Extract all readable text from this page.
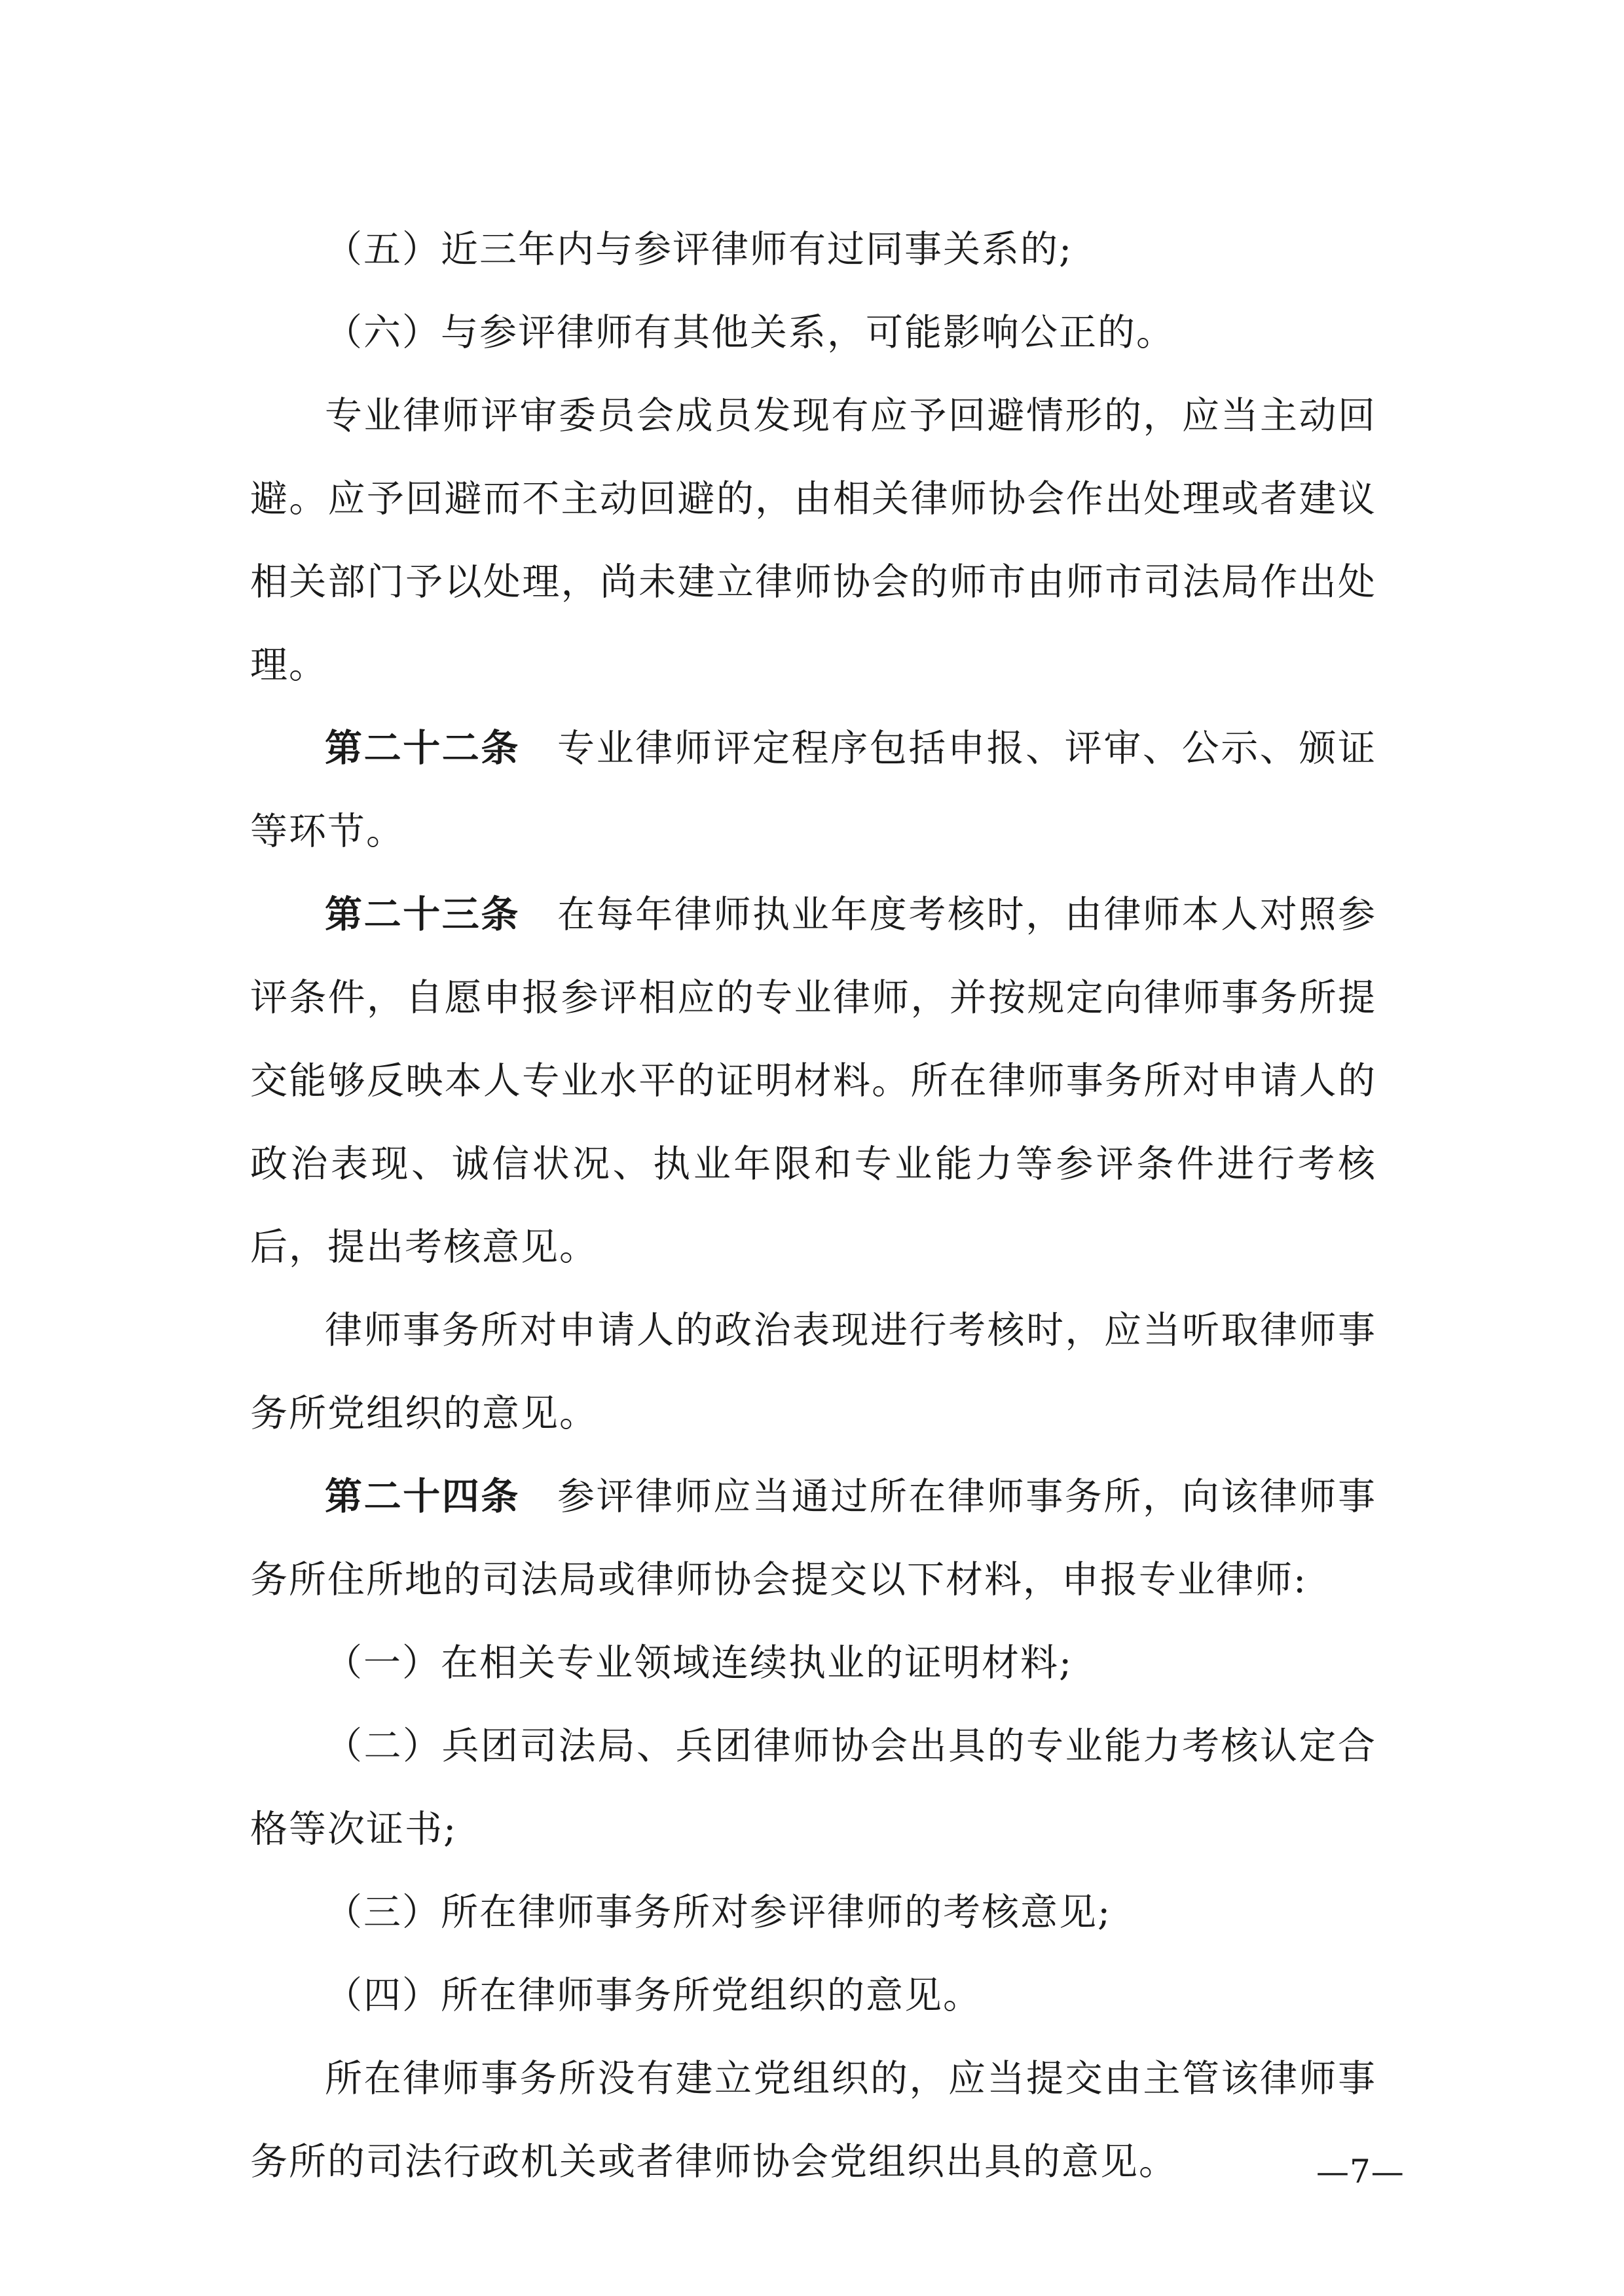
（五）近三年内与参评律师有过同事关系的;

（六）与参评律师有其他关系，可能影响公正的。

专业律师评审委员会成员发现有应予回避情形的，应当主动回避。应予回避而不主动回避的，由相关律师协会作出处理或者建议相关部门予以处理，尚未建立律师协会的师市由师市司法局作出处理。

第二十二条 专业律师评定程序包括申报、评审、公示、颁证等环节。

第二十三条 在每年律师执业年度考核时，由律师本人对照参评条件，自愿申报参评相应的专业律师，并按规定向律师事务所提交能够反映本人专业水平的证明材料。所在律师事务所对申请人的政治表现、诚信状况、执业年限和专业能力等参评条件进行考核后，提出考核意见。

律师事务所对申请人的政治表现进行考核时，应当听取律师事务所党组织的意见。

第二十四条 参评律师应当通过所在律师事务所，向该律师事务所住所地的司法局或律师协会提交以下材料，申报专业律师:

（一）在相关专业领域连续执业的证明材料;

（二）兵团司法局、兵团律师协会出具的专业能力考核认定合格等次证书;

（三）所在律师事务所对参评律师的考核意见;

（四）所在律师事务所党组织的意见。

所在律师事务所没有建立党组织的，应当提交由主管该律师事务所的司法行政机关或者律师协会党组织出具的意见。	—7—
